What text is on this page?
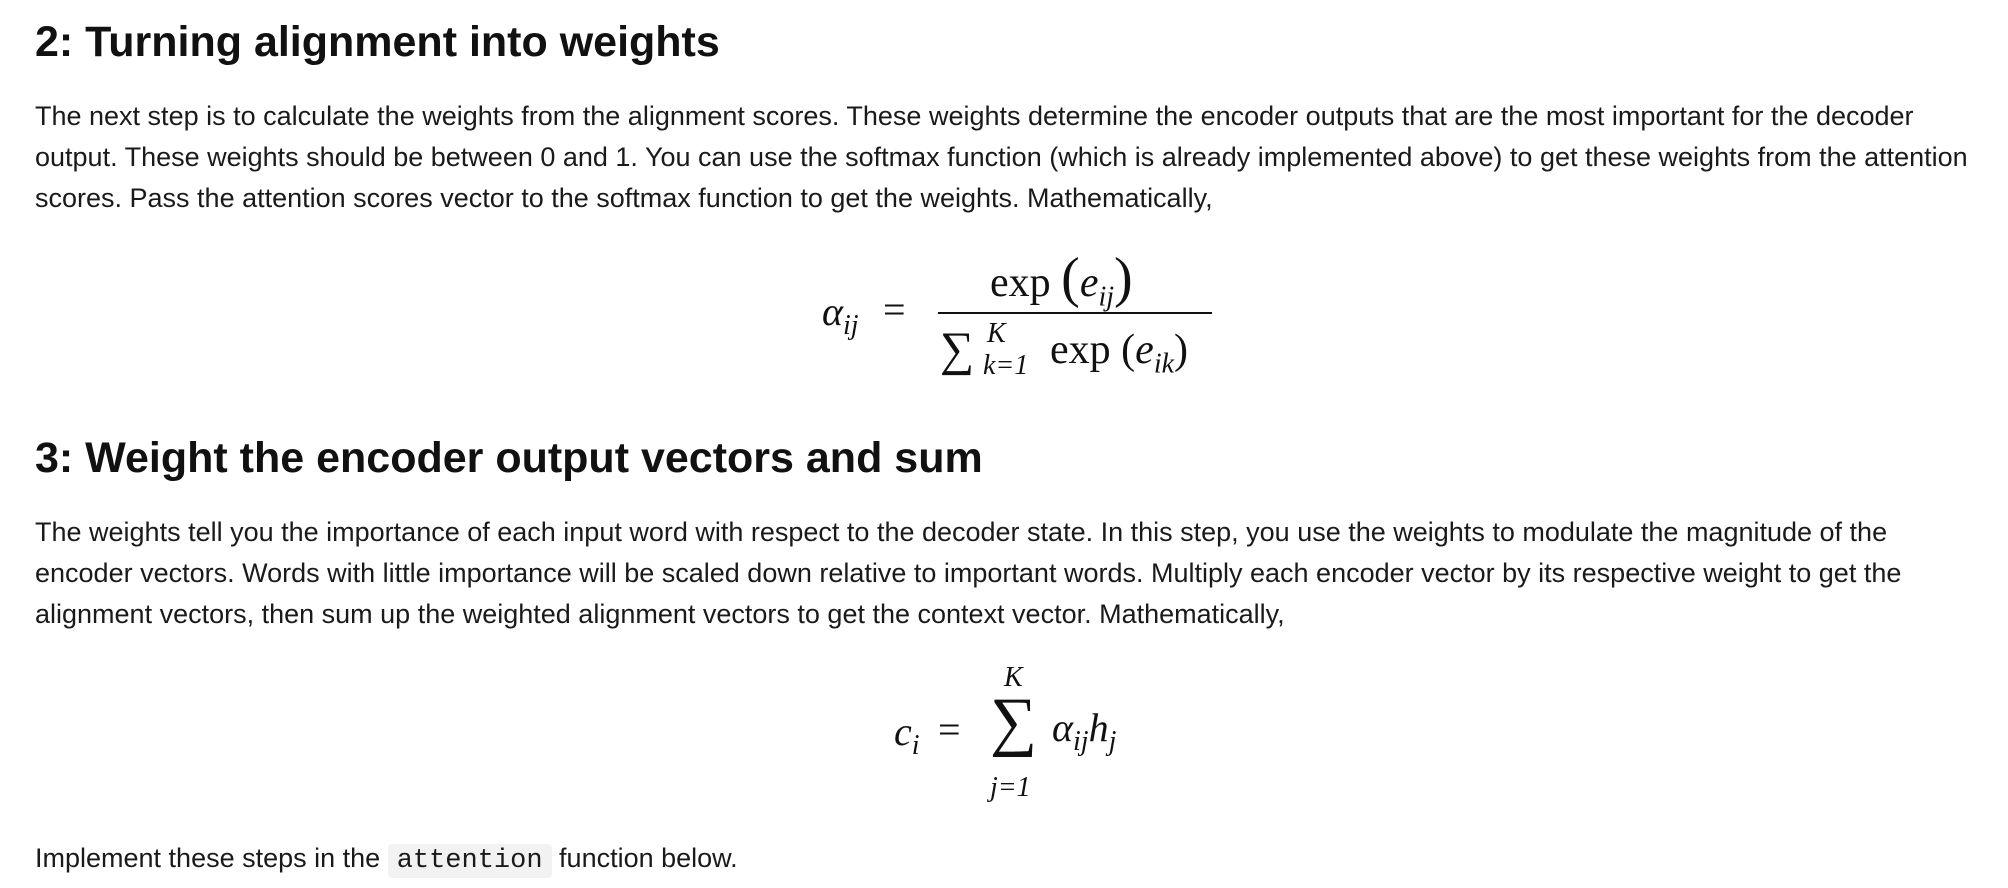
2: Turning alignment into weights

The next step is to calculate the weights from the alignment scores. These weights determine the encoder outputs that are the most important for the decoder output. These weights should be between 0 and 1. You can use the softmax function (which is already implemented above) to get these weights from the attention scores. Pass the attention scores vector to the softmax function to get the weights. Mathematically,

$\alpha_{ij}$ =
$\exp (e_{ij})$
∑ K
k=1 $\exp (e_{ik})$
3: Weight the encoder output vectors and sum

The weights tell you the importance of each input word with respect to the decoder state. In this step, you use the weights to modulate the magnitude of the encoder vectors. Words with little importance will be scaled down relative to important words. Multiply each encoder vector by its respective weight to get the alignment vectors, then sum up the weighted alignment vectors to get the context vector. Mathematically,

$c_i$ =
K
∑
j=1
$\alpha_{ij}h_j$

Implement these steps in the attention function below.
